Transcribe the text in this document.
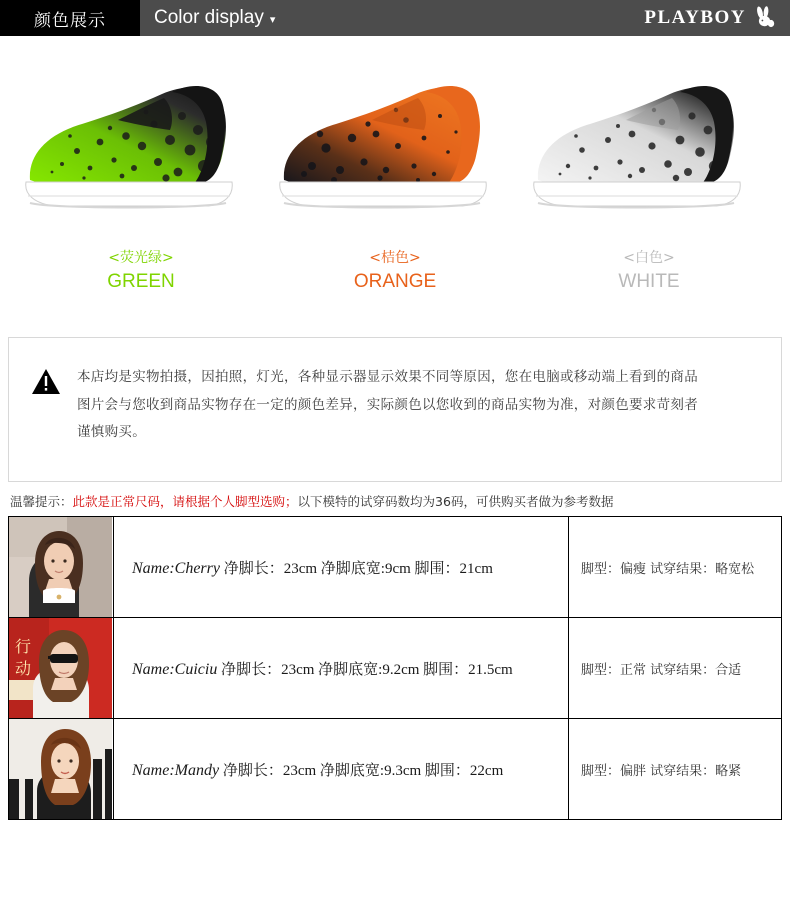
颜色展示	Color display ▾	PLAYBOY
<荧光绿>
GREEN
<桔色>
ORANGE
<白色>
WHITE
本店均是实物拍摄，因拍照，灯光，各种显示器显示效果不同等原因，您在电脑或移动端上看到的商品
图片会与您收到商品实物存在一定的颜色差异，实际颜色以您收到的商品实物为准，对颜色要求苛刻者
谨慎购买。
温馨提示：此款是正常尺码，请根据个人脚型选购；以下模特的试穿码数均为36码，可供购买者做为参考数据
	Name:Cherry 净脚长：23cm 净脚底宽:9cm 脚围：21cm	脚型：偏瘦 试穿结果：略宽松

行
动	Name:Cuiciu 净脚长：23cm 净脚底宽:9.2cm 脚围：21.5cm	脚型：正常 试穿结果：合适

	Name:Mandy 净脚长：23cm 净脚底宽:9.3cm 脚围：22cm	脚型：偏胖 试穿结果：略紧
